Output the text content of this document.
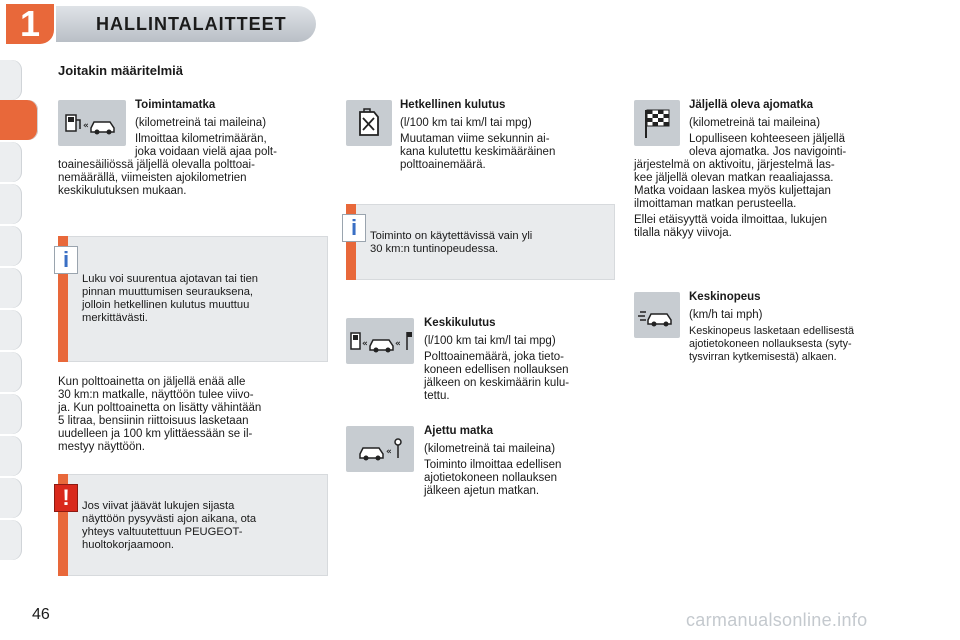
1	HALLINTALAITTEET
Joitakin määritelmiä
«
Toimintamatka
(kilometreinä tai maileina)
Ilmoittaa kilometrimäärän,
joka voidaan vielä ajaa polt-
toainesäiliössä jäljellä olevalla polttoai-
nemäärällä, viimeisten ajokilometrien
keskikulutuksen mukaan.
i
Luku voi suurentua ajotavan tai tien
pinnan muuttumisen seurauksena,
jolloin hetkellinen kulutus muuttuu
merkittävästi.
Kun polttoainetta on jäljellä enää alle
30 km:n matkalle, näyttöön tulee viivo-
ja. Kun polttoainetta on lisätty vähintään
5 litraa, bensiinin riittoisuus lasketaan
uudelleen ja 100 km ylittäessään se il-
mestyy näyttöön.
!	Jos viivat jäävät lukujen sijasta
näyttöön pysyvästi ajon aikana, ota
yhteys valtuutettuun PEUGEOT-
huoltokorjaamoon.
Hetkellinen kulutus
(l/100 km tai km/l tai mpg)
Muutaman viime sekunnin ai-
kana kulutettu keskimääräinen
polttoainemäärä.
i	Toiminto on käytettävissä vain yli
30 km:n tuntinopeudessa.
«	«
Keskikulutus
(l/100 km tai km/l tai mpg)
Polttoainemäärä, joka tieto-
koneen edellisen nollauksen
jälkeen on keskimäärin kulu-
tettu.
«
Ajettu matka
(kilometreinä tai maileina)
Toiminto ilmoittaa edellisen
ajotietokoneen nollauksen
jälkeen ajetun matkan.
Jäljellä oleva ajomatka
(kilometreinä tai maileina)
Lopulliseen kohteeseen jäljellä
oleva ajomatka. Jos navigointi-
järjestelmä on aktivoitu, järjestelmä las-
kee jäljellä olevan matkan reaaliajassa.
Matka voidaan laskea myös kuljettajan
ilmoittaman matkan perusteella.
Ellei etäisyyttä voida ilmoittaa, lukujen
tilalla näkyy viivoja.
Keskinopeus
(km/h tai mph)
Keskinopeus lasketaan edellisestä
ajotietokoneen nollauksesta (syty-
tysvirran kytkemisestä) alkaen.
46	carmanualsonline.info
